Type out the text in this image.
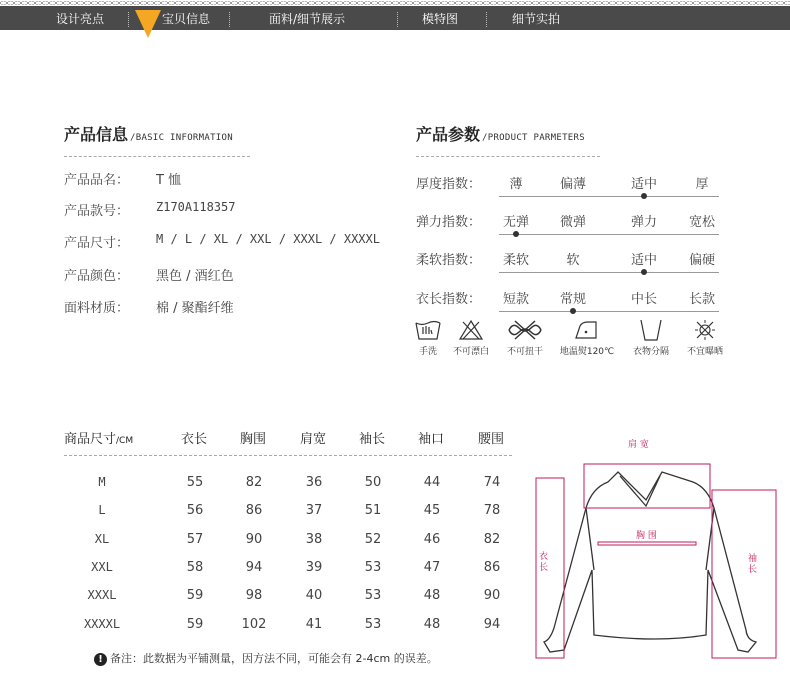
设计亮点	宝贝信息	面料/细节展示	模特图	细节实拍
产品信息 /BASIC INFORMATION
产品品名： T 恤
产品款号： Z170A118357
产品尺寸： M / L / XL / XXL / XXXL / XXXXL
产品颜色： 黑色 / 酒红色
面料材质： 棉 / 聚酯纤维
产品参数 /PRODUCT PARMETERS
厚度指数：	薄	偏薄	适中	厚
弹力指数：	无弹	微弹	弹力	宽松
柔软指数：	柔软	软	适中	偏硬
衣长指数：	短款	常规	中长	长款
手洗	不可漂白	不可扭干	地温熨120℃	衣物分隔	不宜曝晒
商品尺寸/CM	衣长	胸围	肩宽	袖长	袖口	腰围
M	55	82	36	50	44	74
L	56	86	37	51	45	78
XL	57	90	38	52	46	82
XXL	58	94	39	53	47	86
XXXL	59	98	40	53	48	90
XXXXL	59	102	41	53	48	94
肩 宽
胸 围
衣长
袖长
! 备注：此数据为平铺测量，因方法不同，可能会有 2-4cm 的误差。
